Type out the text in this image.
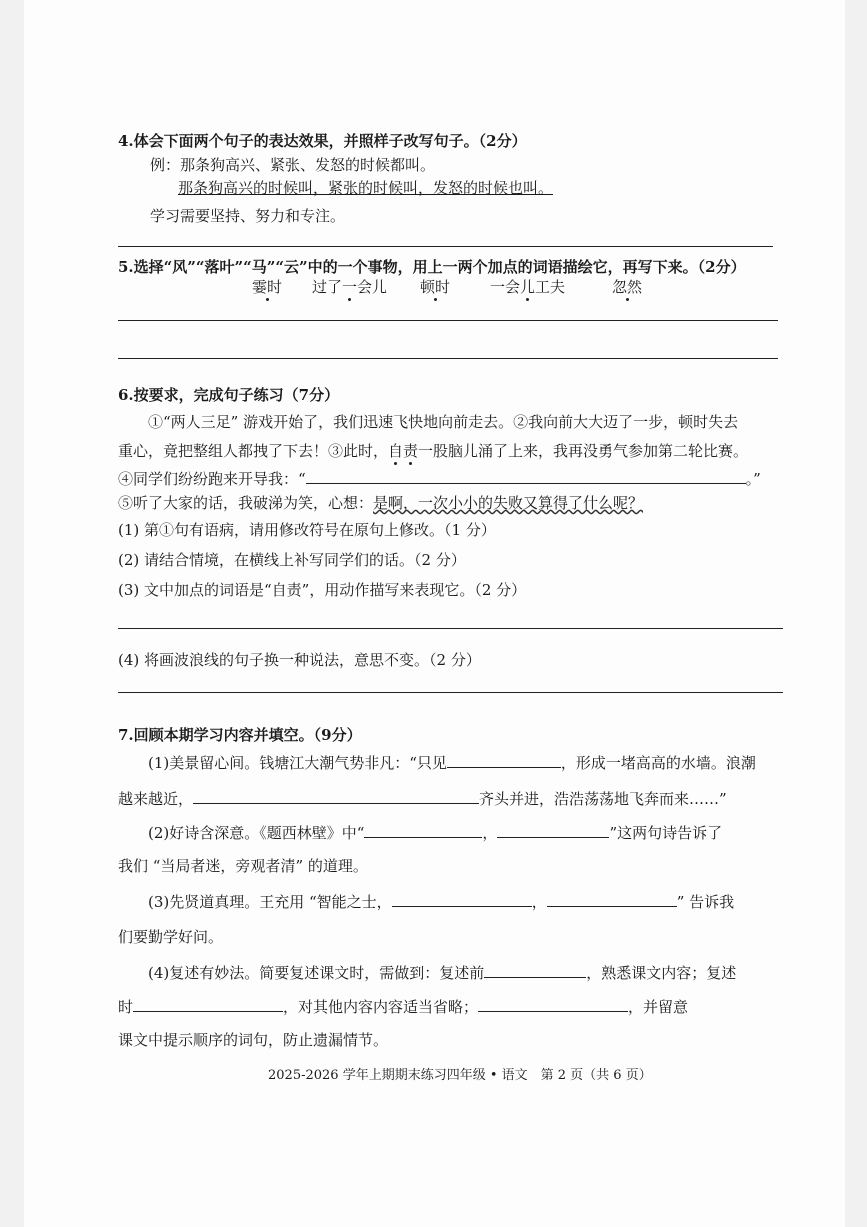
4.体会下面两个句子的表达效果，并照样子改写句子。（2分）
例：那条狗高兴、紧张、发怒的时候都叫。
那条狗高兴的时候叫，紧张的时候叫，发怒的时候也叫。
学习需要坚持、努力和专注。
5.选择“风”“落叶”“马”“云”中的一个事物，用上一两个加点的词语描绘它，再写下来。（2分）
霎时 过了一会儿 顿时	一会儿工夫	忽然
6.按要求，完成句子练习（7分）
①“两人三足” 游戏开始了，我们迅速飞快地向前走去。②我向前大大迈了一步，顿时失去
重心，竟把整组人都拽了下去！③此时，自责一股脑儿涌了上来，我再没勇气参加第二轮比赛。
④同学们纷纷跑来开导我：“	。”
⑤听了大家的话，我破涕为笑，心想：是啊，一次小小的失败又算得了什么呢？
(1) 第①句有语病，请用修改符号在原句上修改。（1 分）
(2) 请结合情境，在横线上补写同学们的话。（2 分）
(3) 文中加点的词语是“自责”，用动作描写来表现它。（2 分）
(4) 将画波浪线的句子换一种说法，意思不变。（2 分）
7.回顾本期学习内容并填空。（9分）
(1)美景留心间。钱塘江大潮气势非凡：“只见	，形成一堵高高的水墙。浪潮
越来越近，	齐头并进，浩浩荡荡地飞奔而来……”
(2)好诗含深意。《题西林壁》中“	，	”这两句诗告诉了
我们 “当局者迷，旁观者清” 的道理。
(3)先贤道真理。王充用 “智能之士，	，	” 告诉我
们要勤学好问。
(4)复述有妙法。简要复述课文时，需做到：复述前	，熟悉课文内容；复述
时	，对其他内容内容适当省略；	，并留意
课文中提示顺序的词句，防止遗漏情节。
2025-2026 学年上期期末练习四年级 • 语文　第 2 页（共 6 页）
